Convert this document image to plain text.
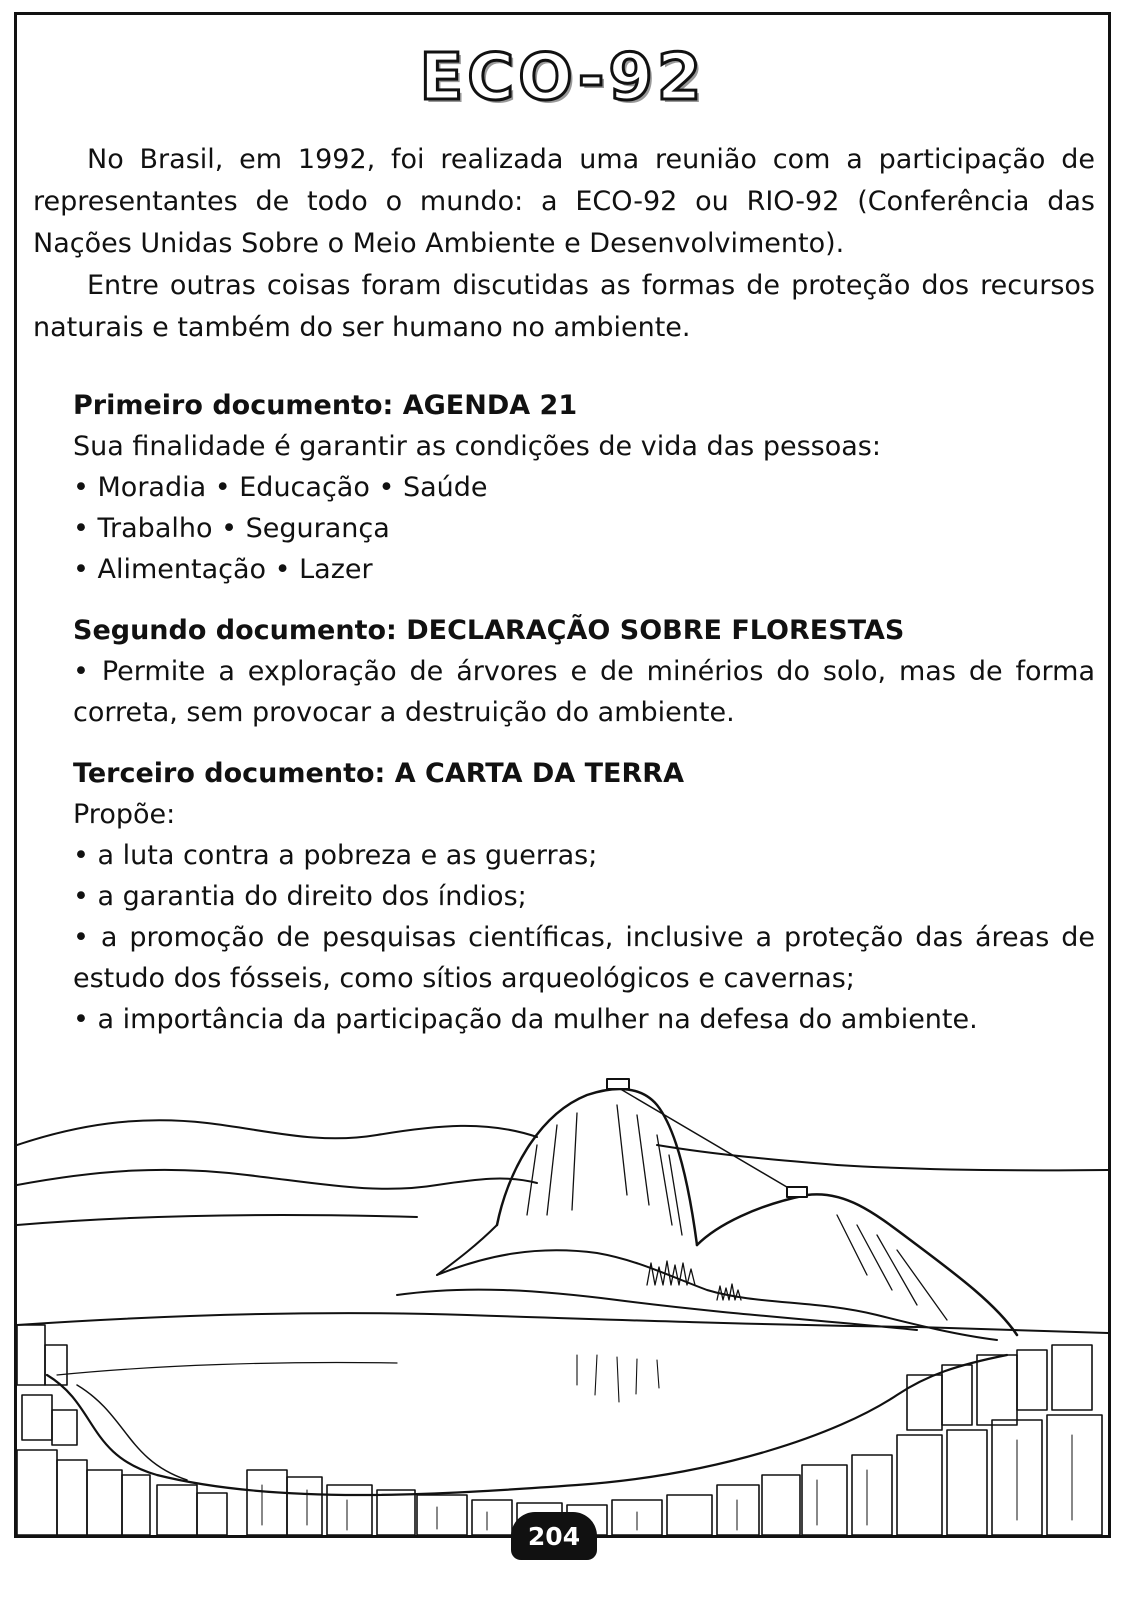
ECO-92

No Brasil, em 1992, foi realizada uma reunião com a participação de representantes de todo o mundo: a ECO-92 ou RIO-92 (Conferência das Nações Unidas Sobre o Meio Ambiente e Desenvolvimento).

Entre outras coisas foram discutidas as formas de proteção dos recursos naturais e também do ser humano no ambiente.

Primeiro documento: AGENDA 21
Sua finalidade é garantir as condições de vida das pessoas:
• Moradia • Educação • Saúde
• Trabalho • Segurança
• Alimentação • Lazer
Segundo documento: DECLARAÇÃO SOBRE FLORESTAS
• Permite a exploração de árvores e de minérios do solo, mas de forma correta, sem provocar a destruição do ambiente.
Terceiro documento: A CARTA DA TERRA
Propõe:
• a luta contra a pobreza e as guerras;
• a garantia do direito dos índios;
• a promoção de pesquisas científicas, inclusive a proteção das áreas de estudo dos fósseis, como sítios arqueológicos e cavernas;
• a importância da participação da mulher na defesa do ambiente.
204
